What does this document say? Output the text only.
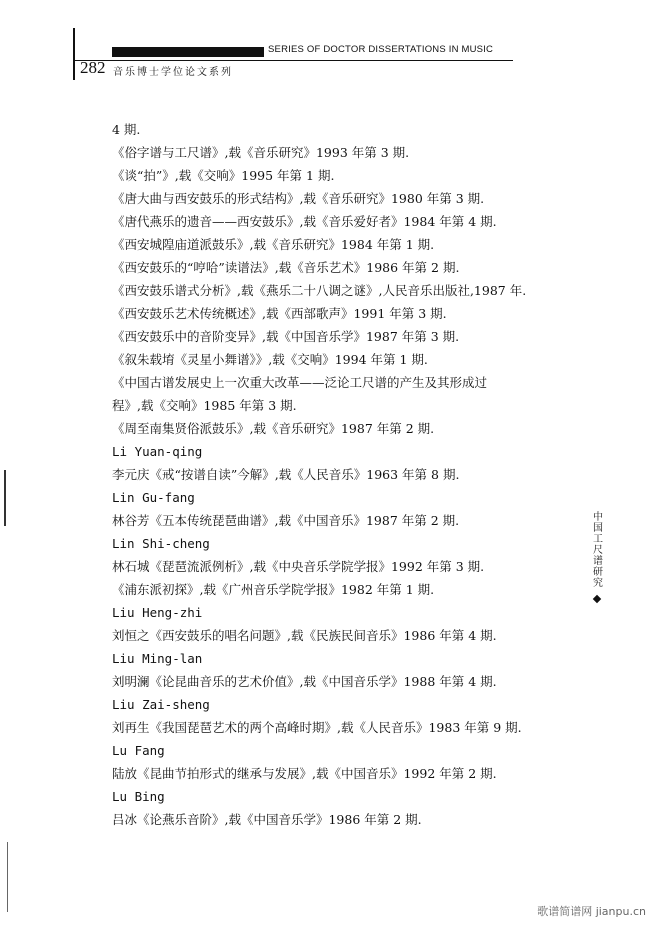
282
SERIES OF DOCTOR DISSERTATIONS IN MUSIC
音乐博士学位论文系列
4 期.
《俗字谱与工尺谱》,载《音乐研究》1993 年第 3 期.
《谈“拍”》,载《交响》1995 年第 1 期.
《唐大曲与西安鼓乐的形式结构》,载《音乐研究》1980 年第 3 期.
《唐代燕乐的遗音——西安鼓乐》,载《音乐爱好者》1984 年第 4 期.
《西安城隍庙道派鼓乐》,载《音乐研究》1984 年第 1 期.
《西安鼓乐的“哼哈”读谱法》,载《音乐艺术》1986 年第 2 期.
《西安鼓乐谱式分析》,载《燕乐二十八调之谜》,人民音乐出版社,1987 年.
《西安鼓乐艺术传统概述》,载《西部歌声》1991 年第 3 期.
《西安鼓乐中的音阶变异》,载《中国音乐学》1987 年第 3 期.
《叙朱载堉《灵星小舞谱》》,载《交响》1994 年第 1 期.
《中国古谱发展史上一次重大改革——泛论工尺谱的产生及其形成过
程》,载《交响》1985 年第 3 期.
《周至南集贤俗派鼓乐》,载《音乐研究》1987 年第 2 期.
Li Yuan-qing
李元庆《戒“按谱自读”今解》,载《人民音乐》1963 年第 8 期.
Lin Gu-fang
林谷芳《五本传统琵琶曲谱》,载《中国音乐》1987 年第 2 期.
Lin Shi-cheng
林石城《琵琶流派例析》,载《中央音乐学院学报》1992 年第 3 期.
《浦东派初探》,载《广州音乐学院学报》1982 年第 1 期.
Liu Heng-zhi
刘恒之《西安鼓乐的唱名问题》,载《民族民间音乐》1986 年第 4 期.
Liu Ming-lan
刘明澜《论昆曲音乐的艺术价值》,载《中国音乐学》1988 年第 4 期.
Liu Zai-sheng
刘再生《我国琵琶艺术的两个高峰时期》,载《人民音乐》1983 年第 9 期.
Lu Fang
陆放《昆曲节拍形式的继承与发展》,载《中国音乐》1992 年第 2 期.
Lu Bing
吕冰《论燕乐音阶》,载《中国音乐学》1986 年第 2 期.
中国工尺谱研究
歌谱简谱网 jianpu.cn
